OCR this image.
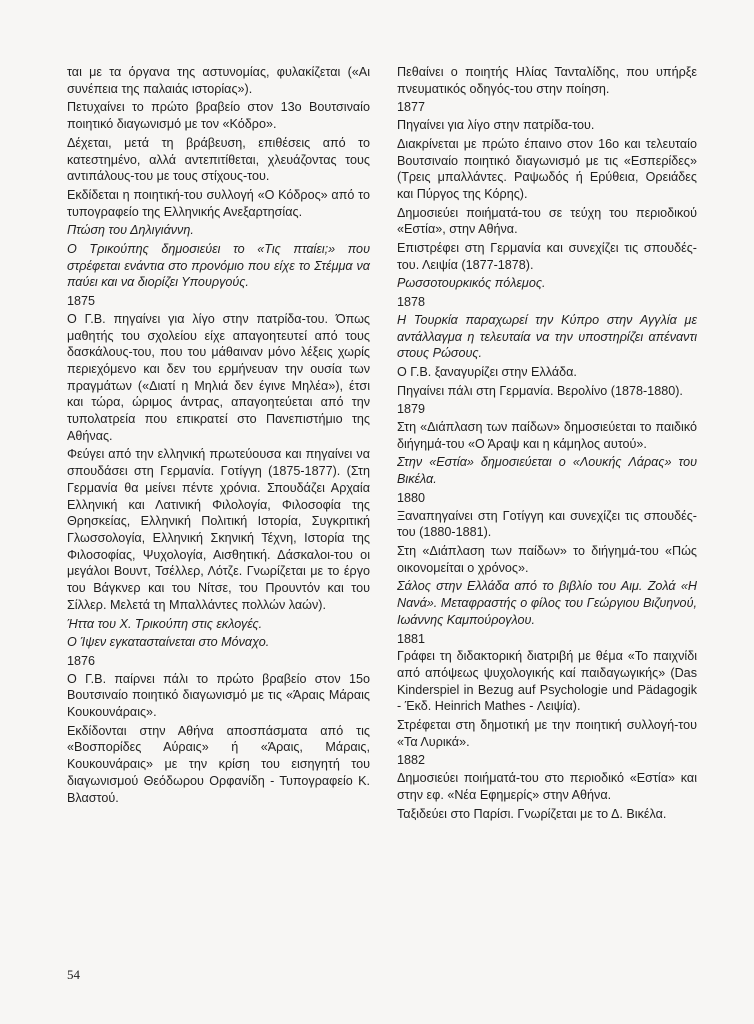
ται με τα όργανα της αστυνομίας, φυλακίζεται («Αι συνέπεια της παλαιάς ιστορίας»).

Πετυχαίνει το πρώτο βραβείο στον 13ο Βουτσιναίο ποιητικό διαγωνισμό με τον «Κόδρο».

Δέχεται, μετά τη βράβευση, επιθέσεις από το κατεστημένο, αλλά αντεπιτίθεται, χλευάζοντας τους αντιπάλους-του με τους στίχους-του.

Εκδίδεται η ποιητική-του συλλογή «Ο Κόδρος» από το τυπογραφείο της Ελληνικής Ανεξαρτησίας.

Πτώση του Δηλιγιάννη.

Ο Τρικούπης δημοσιεύει το «Τις πταίει;» που στρέφεται ενάντια στο προνόμιο που είχε το Στέμμα να παύει και να διορίζει Υπουργούς.

1875

Ο Γ.Β. πηγαίνει για λίγο στην πατρίδα-του. Όπως μαθητής του σχολείου είχε απαγοητευτεί από τους δασκάλους-του, που του μάθαιναν μόνο λέξεις χωρίς περιεχόμενο και δεν του ερμήνευαν την ουσία των πραγμάτων («Διατί η Μηλιά δεν έγινε Μηλέα»), έτσι και τώρα, ώριμος άντρας, απαγοητεύεται από την τυπολατρεία που επικρατεί στο Πανεπιστήμιο της Αθήνας.

Φεύγει από την ελληνική πρωτεύουσα και πηγαίνει να σπουδάσει στη Γερμανία. Γοτίγγη (1875-1877). (Στη Γερμανία θα μείνει πέντε χρόνια. Σπουδάζει Αρχαία Ελληνική και Λατινική Φιλολογία, Φιλοσοφία της Θρησκείας, Ελληνική Πολιτική Ιστορία, Συγκριτική Γλωσσολογία, Ελληνική Σκηνική Τέχνη, Ιστορία της Φιλοσοφίας, Ψυχολογία, Αισθητική. Δάσκαλοι-του οι μεγάλοι Βουντ, Τσέλλερ, Λότζε. Γνωρίζεται με το έργο του Βάγκνερ και του Νίτσε, του Προυντόν και του Σίλλερ. Μελετά τη Μπαλλάντες πολλών λαών).

Ήττα του Χ. Τρικούπη στις εκλογές.

Ο Ίψεν εγκατασταίνεται στο Μόναχο.

1876

Ο Γ.Β. παίρνει πάλι το πρώτο βραβείο στον 15ο Βουτσιναίο ποιητικό διαγωνισμό με τις «Άραις Μάραις Κουκουνάραις».

Εκδίδονται στην Αθήνα αποσπάσματα από τις «Βοσπορίδες Αύραις» ή «Άραις, Μάραις, Κουκουνάραις» με την κρίση του εισηγητή του διαγωνισμού Θεόδωρου Ορφανίδη - Τυπογραφείο Κ. Βλαστού.

Πεθαίνει ο ποιητής Ηλίας Τανταλίδης, που υπήρξε πνευματικός οδηγός-του στην ποίηση.

1877

Πηγαίνει για λίγο στην πατρίδα-του.

Διακρίνεται με πρώτο έπαινο στον 16ο και τελευταίο Βουτσιναίο ποιητικό διαγωνισμό με τις «Εσπερίδες» (Τρεις μπαλλάντες. Ραψωδός ή Ερύθεια, Ορειάδες και Πύργος της Κόρης).

Δημοσιεύει ποιήματά-του σε τεύχη του περιοδικού «Εστία», στην Αθήνα.

Επιστρέφει στη Γερμανία και συνεχίζει τις σπουδές-του. Λειψία (1877-1878).

Ρωσσοτουρκικός πόλεμος.

1878

Η Τουρκία παραχωρεί την Κύπρο στην Αγγλία με αντάλλαγμα η τελευταία να την υποστηρίζει απέναντι στους Ρώσους.

Ο Γ.Β. ξαναγυρίζει στην Ελλάδα.

Πηγαίνει πάλι στη Γερμανία. Βερολίνο (1878-1880).

1879

Στη «Διάπλαση των παίδων» δημοσιεύεται το παιδικό διήγημά-του «Ο Άραψ και η κάμηλος αυτού».

Στην «Εστία» δημοσιεύεται ο «Λουκής Λάρας» του Βικέλα.

1880

Ξαναπηγαίνει στη Γοτίγγη και συνεχίζει τις σπουδές-του (1880-1881).

Στη «Διάπλαση των παίδων» το διήγημά-του «Πώς οικονομείται ο χρόνος».

Σάλος στην Ελλάδα από το βιβλίο του Αιμ. Ζολά «Η Νανά». Μεταφραστής ο φίλος του Γεώργιου Βιζυηνού, Ιωάννης Καμπούρογλου.

1881

Γράφει τη διδακτορική διατριβή με θέμα «Το παιχνίδι από απόψεως ψυχολογικής καί παιδαγωγικής» (Das Kinderspiel in Bezug auf Psychologie und Pädagogik - Έκδ. Heinrich Mathes - Λειψία).

Στρέφεται στη δημοτική με την ποιητική συλλογή-του «Τα Λυρικά».

1882

Δημοσιεύει ποιήματά-του στο περιοδικό «Εστία» και στην εφ. «Νέα Εφημερίς» στην Αθήνα.

Ταξιδεύει στο Παρίσι. Γνωρίζεται με το Δ. Βικέλα.

54
